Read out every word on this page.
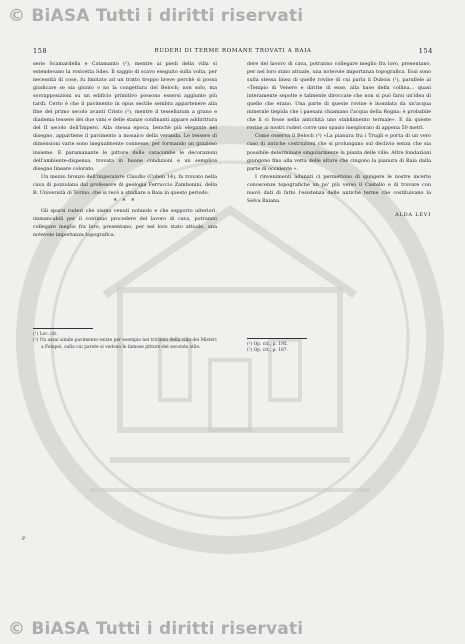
© BiASA Tutti i diritti riservati
158	RUDERI DI TERME ROMANE TROVATI A BAIA	154

serie Scamardella e Catamanto (¹), mentre ai piedi della villa si estendevano la rosicetta Sdes. Il saggio di scavo eseguito sulla volta, per necessità di cose, fu limitato ad un tratto troppo breve perchè si possa giudicare se sia giunto o no la congettura del Beloch; non solo, ma sovrapposizioni su un edificio primitivo possono essersi aggiunte più tardi. Certo è che il pavimento in opus sectile sembra appartenere alla fine del primo secolo avanti Cristo (²), mentre il tessellatum a grano e diadema tessere dei due vani e delle stanze confinanti appare addirittura del II secolo dell'Impero. Alla stessa epoca, benchè più elegante nel disegno, appartiene il pavimento a mosaico della veranda. Le tessere di dimensioni varie sono inegualmente connesse, per formando un grazioso insieme. E paramanante le pitture delle catacombe le decorazioni dell'ambiente-dispensa, trovata in buone condizioni e un semplice disegno lineare colorato.

Un mezzo bronzo dell'imperatore Claudio (Cohen 14), fu trovato nella cava di pozzolana dal professore di geologia Ferruccio Zambonini, della R. Università di Torino, che si recò a studiare a Baia in questo periodo.

* * *

Gli sparsi ruderi che siamo venuti notando e che sopporto ulteriori, immancabili per il continuo procedere del lavoro di cava, potranno collegare meglio fra loro, presentano, per nel loro stato attuale, una notevole importanza topografica.

dere del lavoro di cava, potranno collegare meglio fra loro, presentano, per nel loro stato attuale, una notevole importanza topografica. Essi sono sulla stessa linea di quelle rovine di cui parla il Dubois (¹), parallele al «Tempio di Venere e diritte di esse, alla base della collina... quasi interamente sepolte e talmente diroccate che non si può farsi un'idea di quello che erano. Una parte di queste rovine è inondata da un'acqua minerale tiepida che i paesani chiamano l'acqua della Rogna; è probabile che lì ci fosse nella antichità uno stabilimento termale». E da queste rovine ai nostri ruderi corre uno spazio inesplorato di appena 50 metri.

Come osserva il Beloch (²) «La pianura fra i Trugli e porta di un vero caso di antiche costruzioni che si prolungano sul declivio senza che sia possibile determinare singolarmente la pianta delle ville. Altre fondazioni giungono fino alla vetta delle alture che cingono la pianura di Baia dalla parte di occidente ».

I rinvenimenti adunati ci permettono di spingere le nostre incerte conoscenze topografiche un po' più verso il Castello e di trovare con nuovi dati di fatto l'esistenza delle antiche terme che costituivano la Selva Baiana.

ALDA LEVI

(¹) Loc. cit.

(²) Un assai simile pavimento esiste per esempio nel triclinio della villa dei Misteri a Pompei, sulla cui parete si vedono le famose pitture del secondo stile.

(¹) Op. cit., p. 195.

(²) Op. cit., p. 187.

P
© BiASA Tutti i diritti riservati
